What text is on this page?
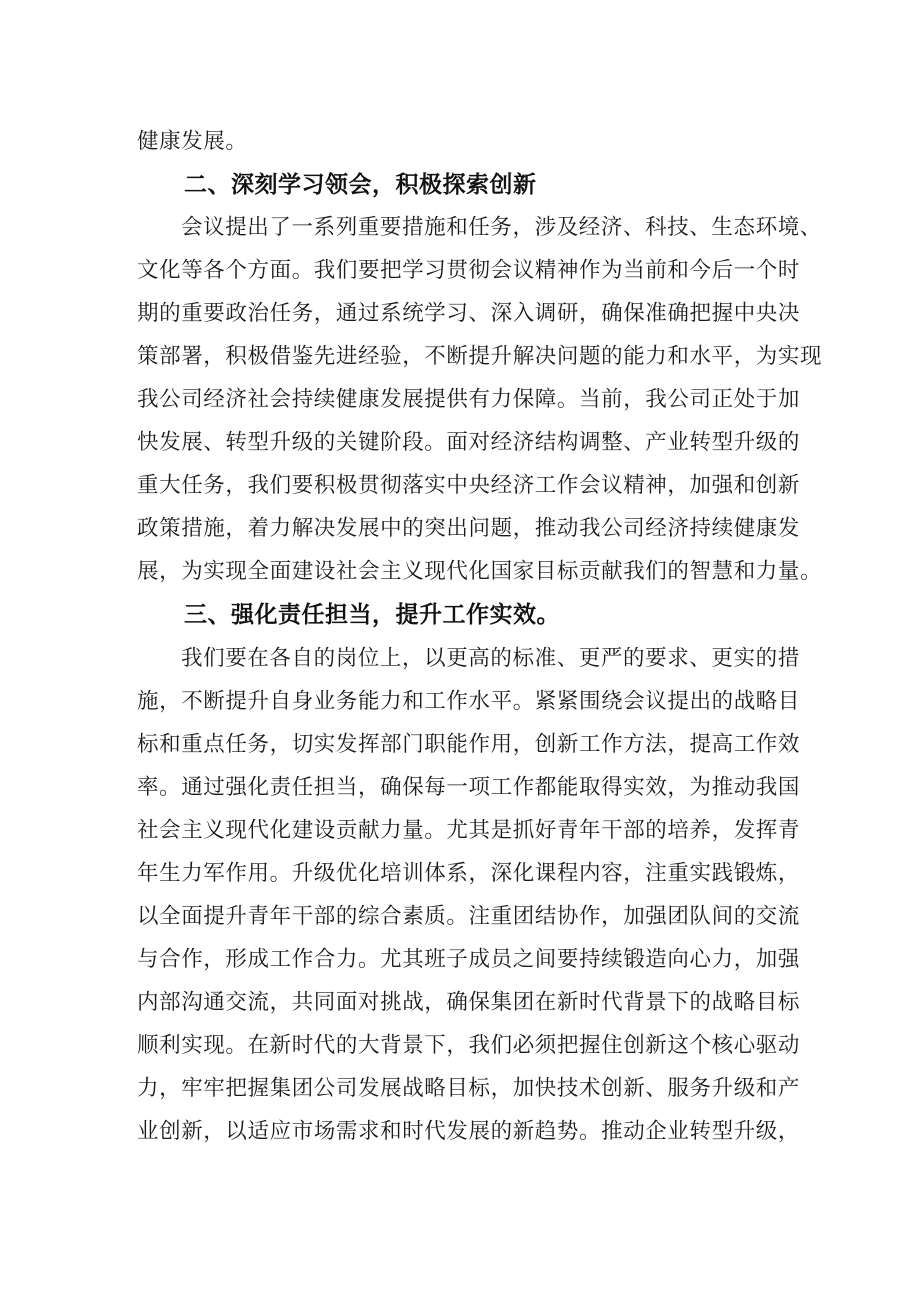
健康发展。
二、深刻学习领会，积极探索创新
会议提出了一系列重要措施和任务，涉及经济、科技、生态环境、
文化等各个方面。我们要把学习贯彻会议精神作为当前和今后一个时
期的重要政治任务，通过系统学习、深入调研，确保准确把握中央决
策部署，积极借鉴先进经验，不断提升解决问题的能力和水平，为实现
我公司经济社会持续健康发展提供有力保障。当前，我公司正处于加
快发展、转型升级的关键阶段。面对经济结构调整、产业转型升级的
重大任务，我们要积极贯彻落实中央经济工作会议精神，加强和创新
政策措施，着力解决发展中的突出问题，推动我公司经济持续健康发
展，为实现全面建设社会主义现代化国家目标贡献我们的智慧和力量。
三、强化责任担当，提升工作实效。
我们要在各自的岗位上，以更高的标准、更严的要求、更实的措
施，不断提升自身业务能力和工作水平。紧紧围绕会议提出的战略目
标和重点任务，切实发挥部门职能作用，创新工作方法，提高工作效
率。通过强化责任担当，确保每一项工作都能取得实效，为推动我国
社会主义现代化建设贡献力量。尤其是抓好青年干部的培养，发挥青
年生力军作用。升级优化培训体系，深化课程内容，注重实践锻炼，
以全面提升青年干部的综合素质。注重团结协作，加强团队间的交流
与合作，形成工作合力。尤其班子成员之间要持续锻造向心力，加强
内部沟通交流，共同面对挑战，确保集团在新时代背景下的战略目标
顺利实现。在新时代的大背景下，我们必须把握住创新这个核心驱动
力，牢牢把握集团公司发展战略目标，加快技术创新、服务升级和产
业创新，以适应市场需求和时代发展的新趋势。推动企业转型升级，
